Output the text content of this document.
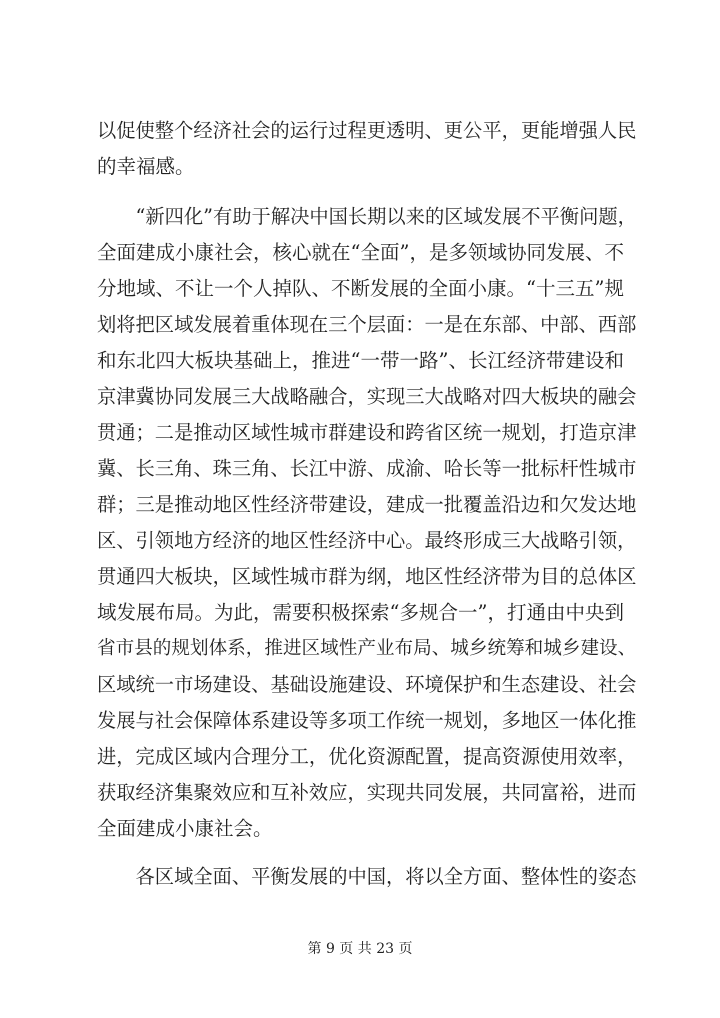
以促使整个经济社会的运行过程更透明、更公平，更能增强人民
的幸福感。
　　“新四化”有助于解决中国长期以来的区域发展不平衡问题，
全面建成小康社会，核心就在“全面”，是多领域协同发展、不
分地域、不让一个人掉队、不断发展的全面小康。“十三五”规
划将把区域发展着重体现在三个层面：一是在东部、中部、西部
和东北四大板块基础上，推进“一带一路”、长江经济带建设和
京津冀协同发展三大战略融合，实现三大战略对四大板块的融会
贯通；二是推动区域性城市群建设和跨省区统一规划，打造京津
冀、长三角、珠三角、长江中游、成渝、哈长等一批标杆性城市
群；三是推动地区性经济带建设，建成一批覆盖沿边和欠发达地
区、引领地方经济的地区性经济中心。最终形成三大战略引领，
贯通四大板块，区域性城市群为纲，地区性经济带为目的总体区
域发展布局。为此，需要积极探索“多规合一”，打通由中央到
省市县的规划体系，推进区域性产业布局、城乡统筹和城乡建设、
区域统一市场建设、基础设施建设、环境保护和生态建设、社会
发展与社会保障体系建设等多项工作统一规划，多地区一体化推
进，完成区域内合理分工，优化资源配置，提高资源使用效率，
获取经济集聚效应和互补效应，实现共同发展，共同富裕，进而
全面建成小康社会。
　　各区域全面、平衡发展的中国，将以全方面、整体性的姿态
第 9 页 共 23 页
